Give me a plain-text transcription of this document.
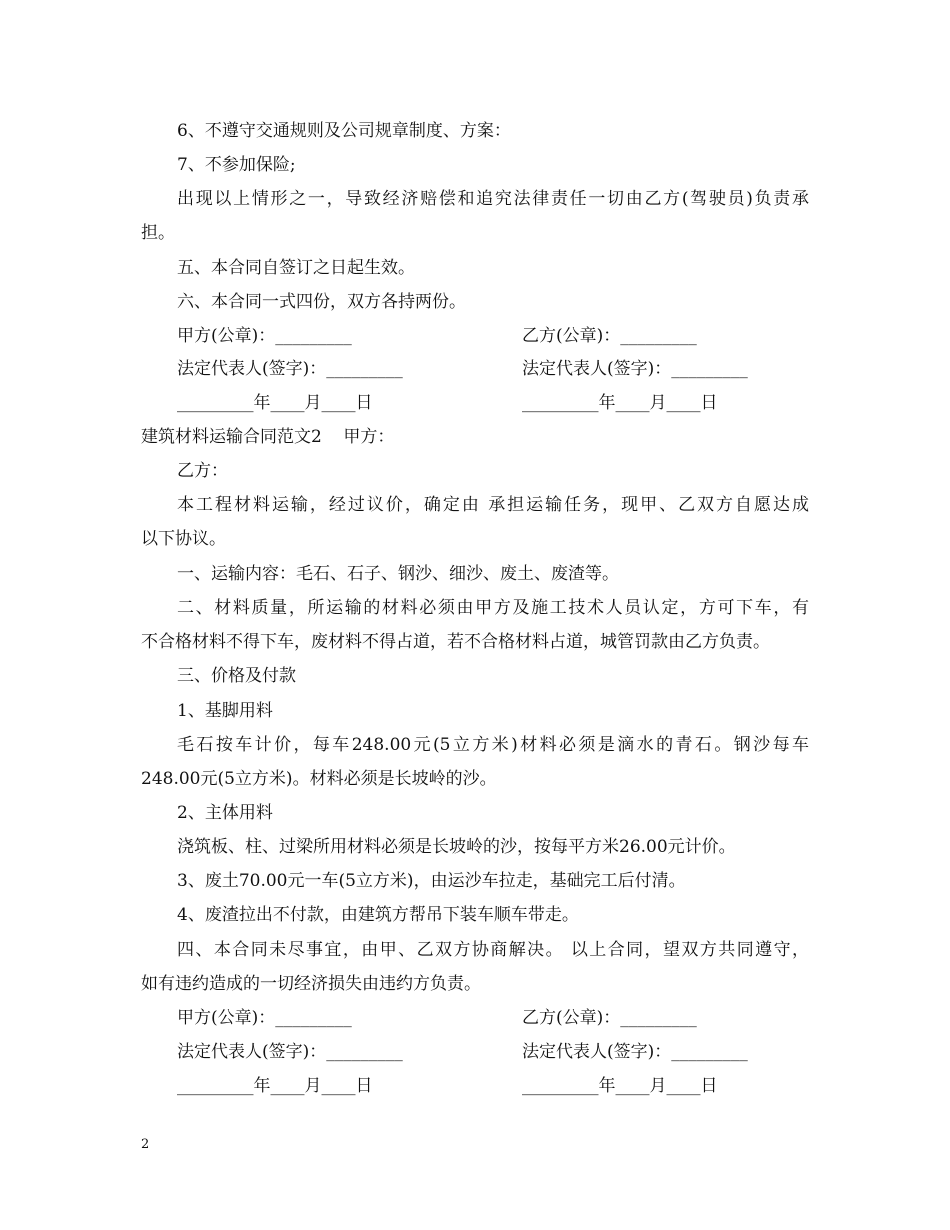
6、不遵守交通规则及公司规章制度、方案：
7、不参加保险;
出现以上情形之一，导致经济赔偿和追究法律责任一切由乙方(驾驶员)负责承
担。
五、本合同自签订之日起生效。
六、本合同一式四份，双方各持两份。
甲方(公章)：_________	乙方(公章)：_________
法定代表人(签字)：_________	法定代表人(签字)：_________
_________年____月____日	_________年____月____日
建筑材料运输合同范文2    甲方：
乙方：
本工程材料运输，经过议价，确定由 承担运输任务，现甲、乙双方自愿达成
以下协议。
一、运输内容：毛石、石子、钢沙、细沙、废土、废渣等。
二、材料质量，所运输的材料必须由甲方及施工技术人员认定，方可下车，有
不合格材料不得下车，废材料不得占道，若不合格材料占道，城管罚款由乙方负责。
三、价格及付款
1、基脚用料
毛石按车计价，每车248.00元(5立方米)材料必须是滴水的青石。钢沙每车
248.00元(5立方米)。材料必须是长坡岭的沙。
2、主体用料
浇筑板、柱、过梁所用材料必须是长坡岭的沙，按每平方米26.00元计价。
3、废土70.00元一车(5立方米)，由运沙车拉走，基础完工后付清。
4、废渣拉出不付款，由建筑方帮吊下装车顺车带走。
四、本合同未尽事宜，由甲、乙双方协商解决。 以上合同，望双方共同遵守，
如有违约造成的一切经济损失由违约方负责。
甲方(公章)：_________	乙方(公章)：_________
法定代表人(签字)：_________	法定代表人(签字)：_________
_________年____月____日	_________年____月____日
2
